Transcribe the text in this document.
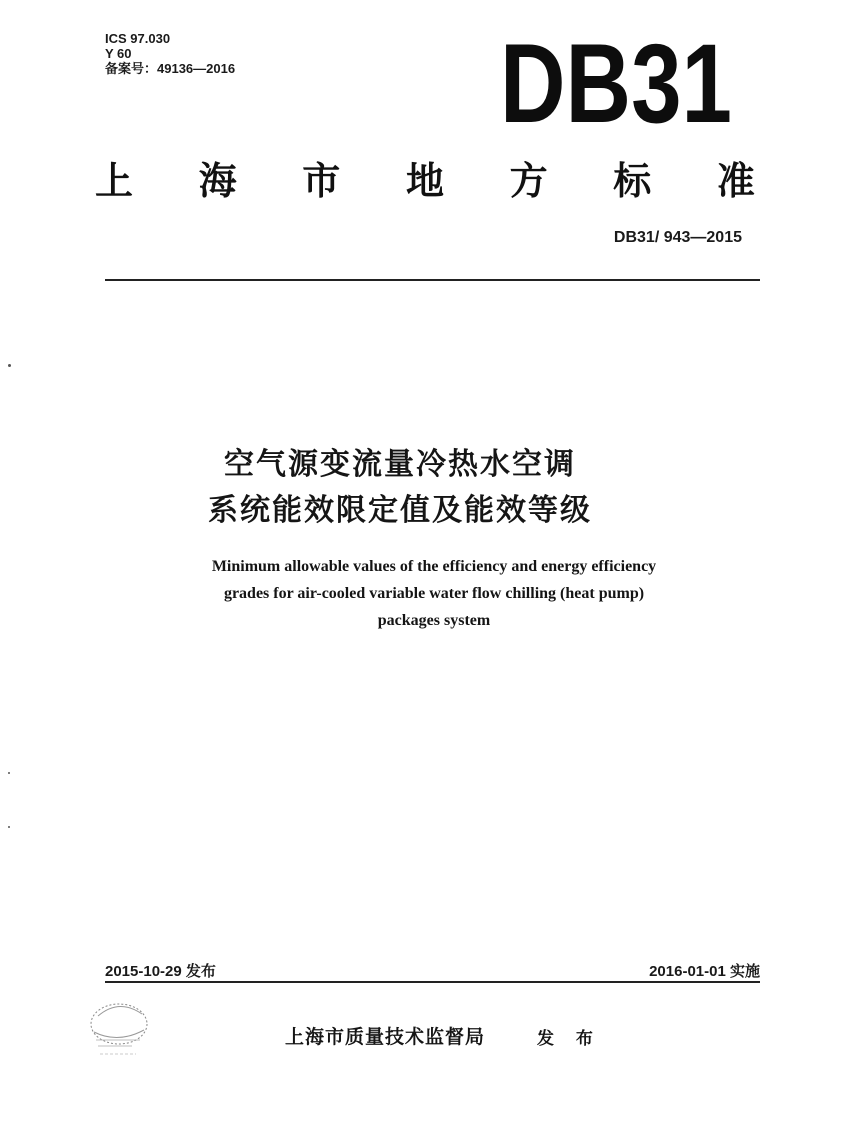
ICS 97.030
Y 60
备案号：49136—2016 DB31
上 海 市 地 方 标 准
DB31/ 943—2015
空气源变流量冷热水空调
系统能效限定值及能效等级
Minimum allowable values of the efficiency and energy efficiency
grades for air-cooled variable water flow chilling (heat pump)
packages system
2015-10-29 发布	2016-01-01 实施
上海市质量技术监督局	发 布
